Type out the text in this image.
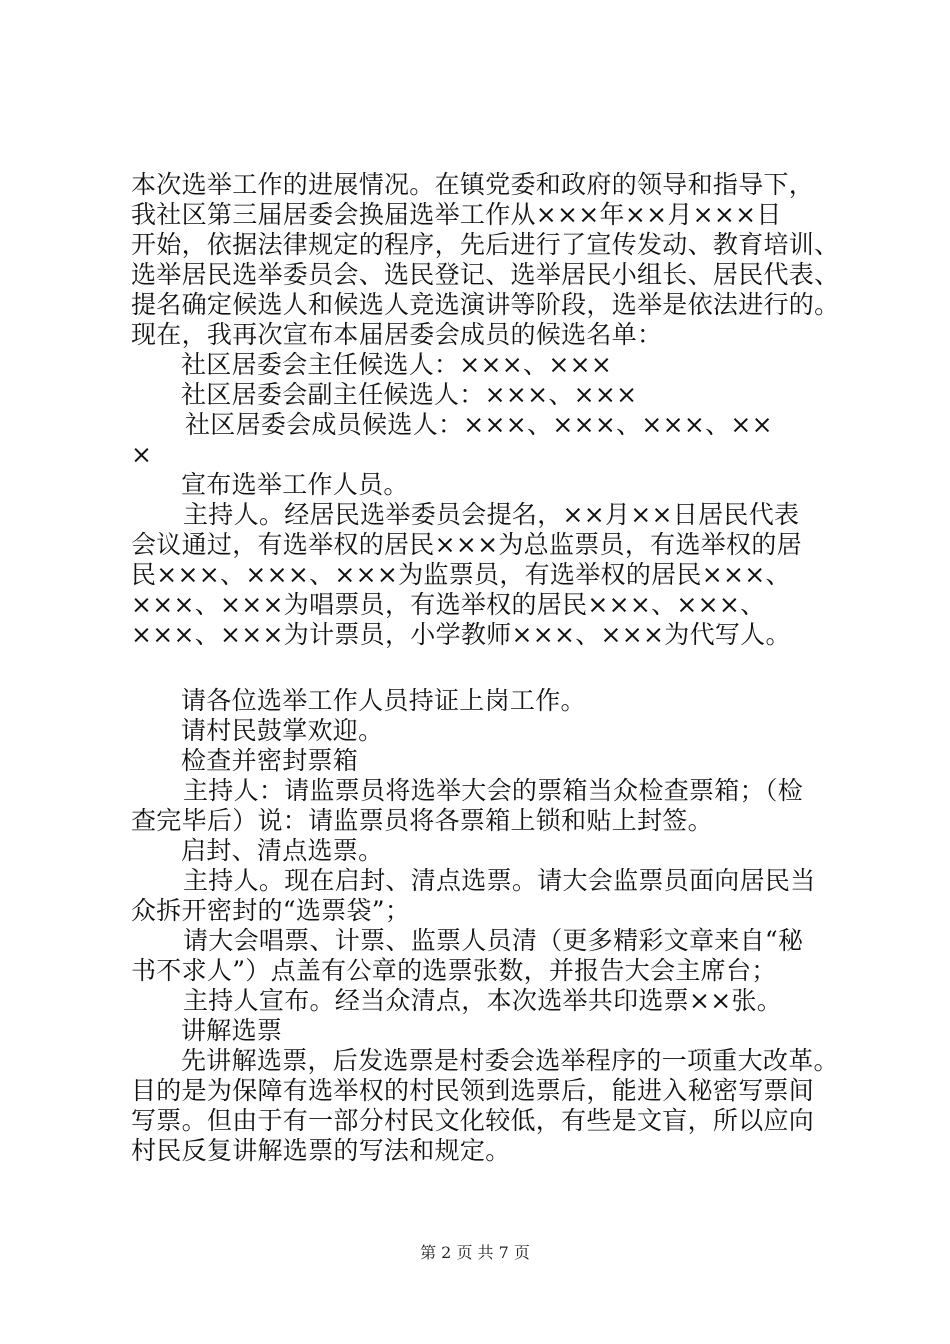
本次选举工作的进展情况。在镇党委和政府的领导和指导下，
我社区第三届居委会换届选举工作从×××年××月×××日
开始，依据法律规定的程序，先后进行了宣传发动、教育培训、
选举居民选举委员会、选民登记、选举居民小组长、居民代表、
提名确定候选人和候选人竞选演讲等阶段，选举是依法进行的。
现在，我再次宣布本届居委会成员的候选名单：
社区居委会主任候选人：×××、×××
社区居委会副主任候选人：×××、×××
社区居委会成员候选人：×××、×××、×××、××
×
宣布选举工作人员。
主持人。经居民选举委员会提名，××月××日居民代表
会议通过，有选举权的居民×××为总监票员，有选举权的居
民×××、×××、×××为监票员，有选举权的居民×××、
×××、×××为唱票员，有选举权的居民×××、×××、
×××、×××为计票员，小学教师×××、×××为代写人。
请各位选举工作人员持证上岗工作。
请村民鼓掌欢迎。
检查并密封票箱
主持人：请监票员将选举大会的票箱当众检查票箱；（检
查完毕后）说：请监票员将各票箱上锁和贴上封签。
启封、清点选票。
主持人。现在启封、清点选票。请大会监票员面向居民当
众拆开密封的“选票袋”；
请大会唱票、计票、监票人员清（更多精彩文章来自“秘
书不求人”）点盖有公章的选票张数，并报告大会主席台；
主持人宣布。经当众清点，本次选举共印选票××张。
讲解选票
先讲解选票，后发选票是村委会选举程序的一项重大改革。
目的是为保障有选举权的村民领到选票后，能进入秘密写票间
写票。但由于有一部分村民文化较低，有些是文盲，所以应向
村民反复讲解选票的写法和规定。
第 2 页 共 7 页
